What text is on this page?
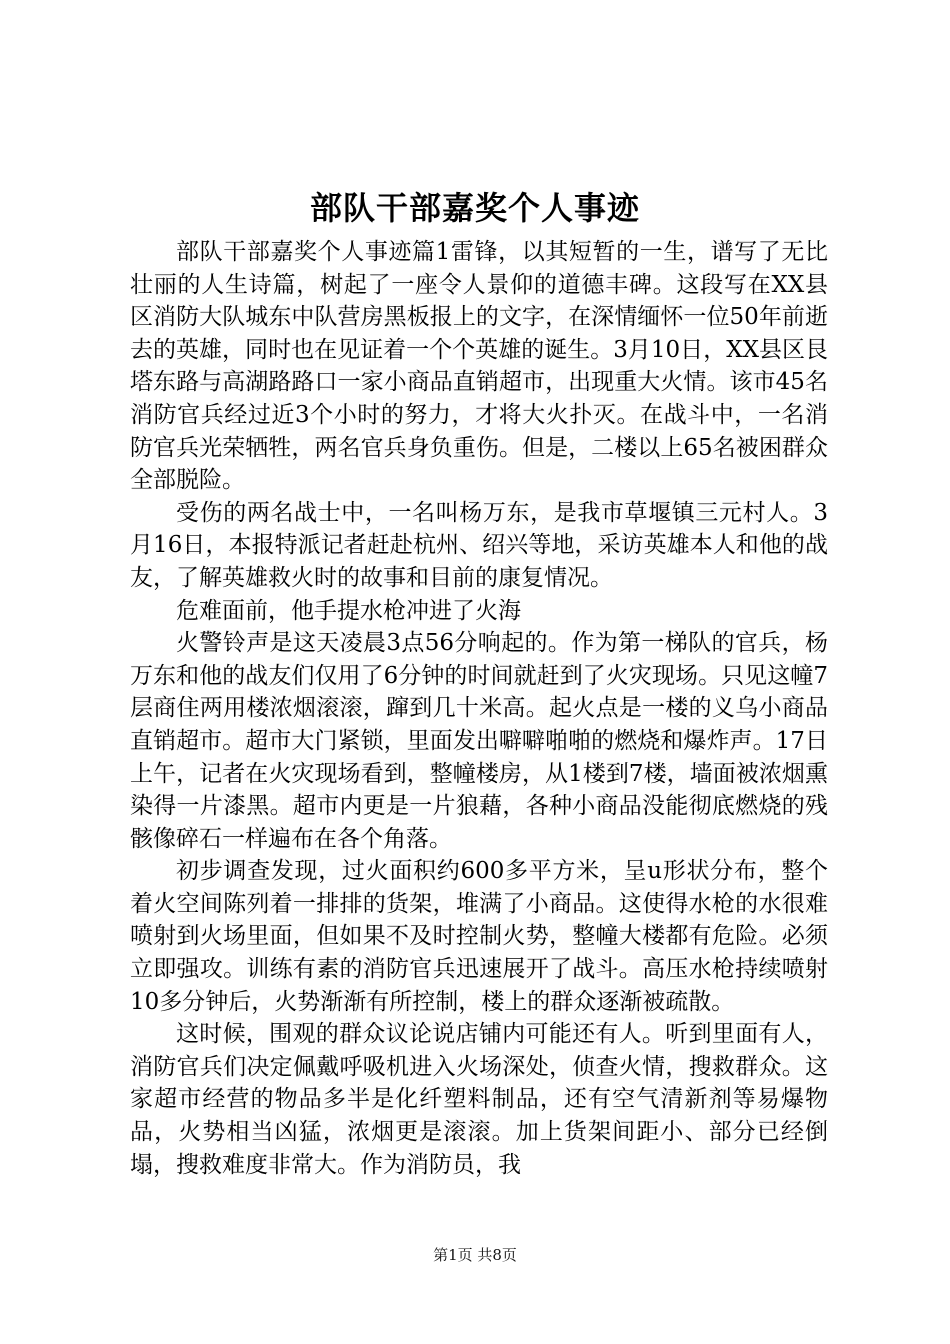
部队干部嘉奖个人事迹

部队干部嘉奖个人事迹篇1雷锋，以其短暂的一生，谱写了无比壮丽的人生诗篇，树起了一座令人景仰的道德丰碑。这段写在XX县区消防大队城东中队营房黑板报上的文字，在深情缅怀一位50年前逝去的英雄，同时也在见证着一个个英雄的诞生。3月10日，XX县区艮塔东路与高湖路路口一家小商品直销超市，出现重大火情。该市45名消防官兵经过近3个小时的努力，才将大火扑灭。在战斗中，一名消防官兵光荣牺牲，两名官兵身负重伤。但是，二楼以上65名被困群众全部脱险。

受伤的两名战士中，一名叫杨万东，是我市草堰镇三元村人。3月16日，本报特派记者赶赴杭州、绍兴等地，采访英雄本人和他的战友，了解英雄救火时的故事和目前的康复情况。

危难面前，他手提水枪冲进了火海

火警铃声是这天凌晨3点56分响起的。作为第一梯队的官兵，杨万东和他的战友们仅用了6分钟的时间就赶到了火灾现场。只见这幢7层商住两用楼浓烟滚滚，蹿到几十米高。起火点是一楼的义乌小商品直销超市。超市大门紧锁，里面发出噼噼啪啪的燃烧和爆炸声。17日上午，记者在火灾现场看到，整幢楼房，从1楼到7楼，墙面被浓烟熏染得一片漆黑。超市内更是一片狼藉，各种小商品没能彻底燃烧的残骸像碎石一样遍布在各个角落。

初步调查发现，过火面积约600多平方米，呈u形状分布，整个着火空间陈列着一排排的货架，堆满了小商品。这使得水枪的水很难喷射到火场里面，但如果不及时控制火势，整幢大楼都有危险。必须立即强攻。训练有素的消防官兵迅速展开了战斗。高压水枪持续喷射10多分钟后，火势渐渐有所控制，楼上的群众逐渐被疏散。

这时候，围观的群众议论说店铺内可能还有人。听到里面有人，消防官兵们决定佩戴呼吸机进入火场深处，侦查火情，搜救群众。这家超市经营的物品多半是化纤塑料制品，还有空气清新剂等易爆物品，火势相当凶猛，浓烟更是滚滚。加上货架间距小、部分已经倒塌，搜救难度非常大。作为消防员，我

第1页 共8页
